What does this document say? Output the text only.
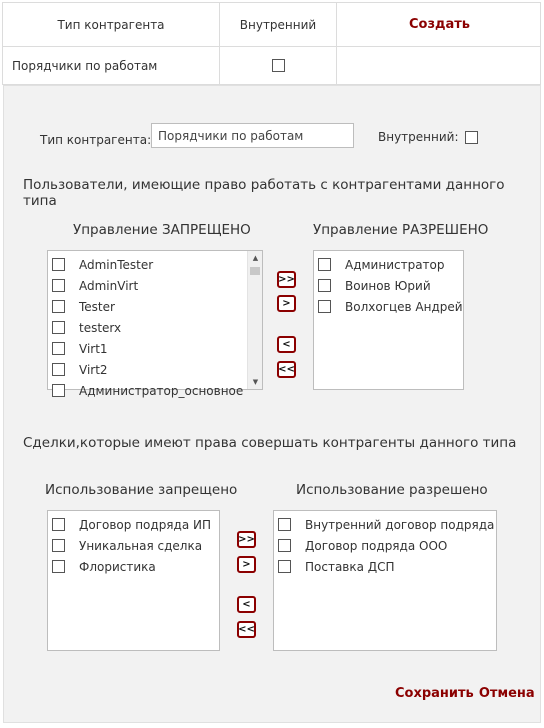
Тип контрагента	Внутренний	Создать
Порядчики по работам
Тип контрагента: Порядчики по работам	Внутренний:
Пользователи, имеющие право работать с контрагентами данного типа
Управление ЗАПРЕЩЕНО	Управление РАЗРЕШЕНО
AdminTester
AdminVirt
Tester
testerx
Virt1
Virt2
Администратор_основное
▲
▼
>>
>
<
<<
Администратор
Воинов Юрий
Волхогцев Андрей
Сделки,которые имеют права совершать контрагенты данного типа
Использование запрещено	Использование разрешено
Договор подряда ИП
Уникальная сделка
Флористика
>>
>
<
<<
Внутренний договор подряда
Договор подряда ООО
Поставка ДСП
Сохранить Отмена
